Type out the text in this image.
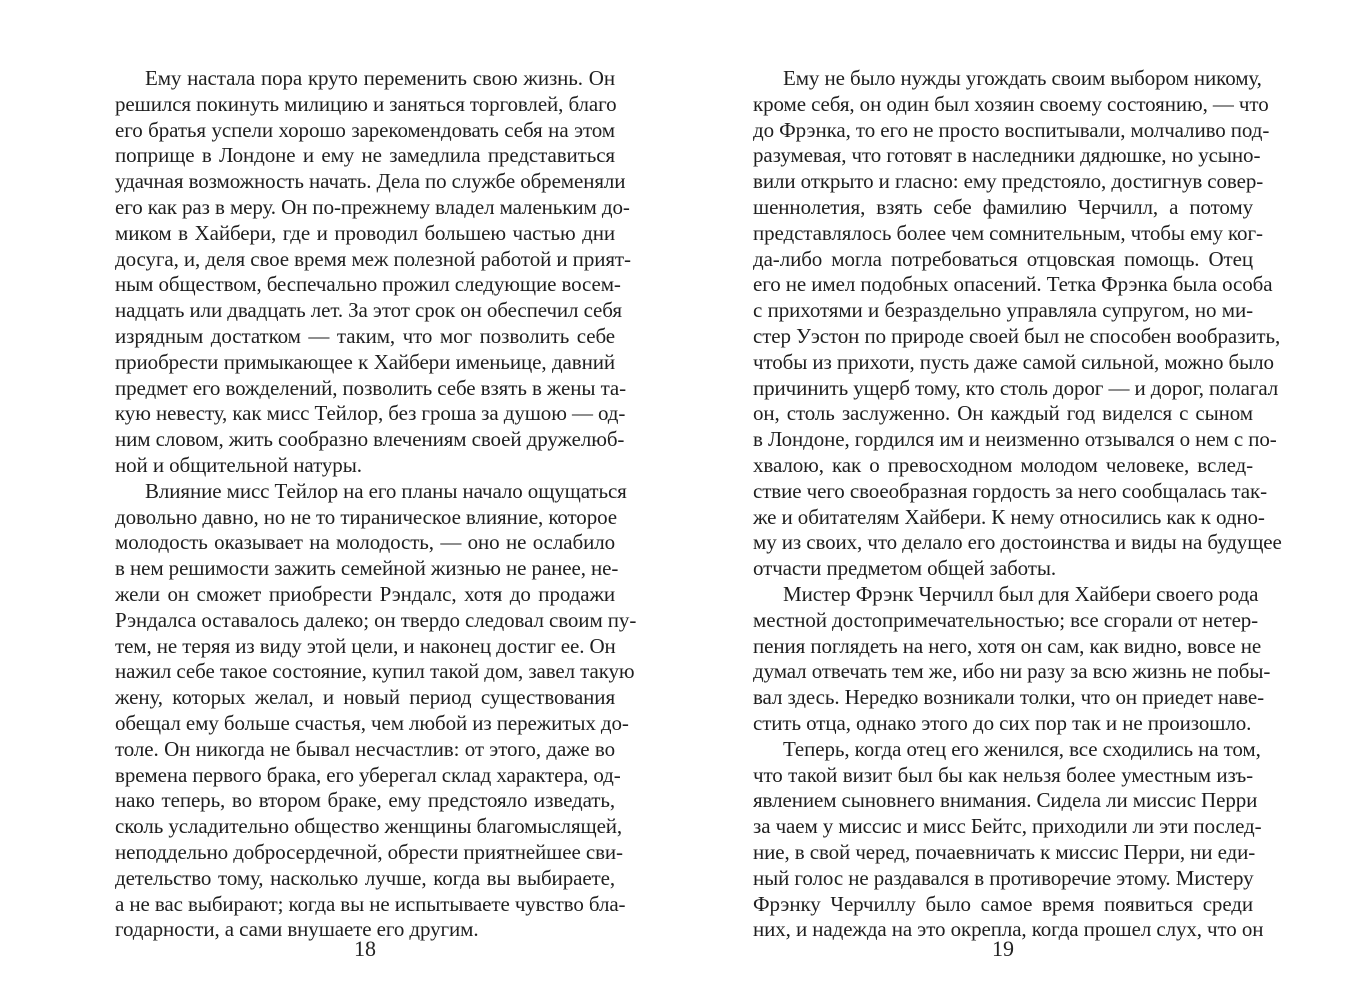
Ему настала пора круто переменить свою жизнь. Он
решился покинуть милицию и заняться торговлей, благо
его братья успели хорошо зарекомендовать себя на этом
поприще в Лондоне и ему не замедлила представиться
удачная возможность начать. Дела по службе обременяли
его как раз в меру. Он по-прежнему владел маленьким до-
миком в Хайбери, где и проводил большею частью дни
досуга, и, деля свое время меж полезной работой и прият-
ным обществом, беспечально прожил следующие восем-
надцать или двадцать лет. За этот срок он обеспечил себя
изрядным достатком — таким, что мог позволить себе
приобрести примыкающее к Хайбери именьице, давний
предмет его вожделений, позволить себе взять в жены та-
кую невесту, как мисс Тейлор, без гроша за душою — од-
ним словом, жить сообразно влечениям своей дружелюб-
ной и общительной натуры.
Влияние мисс Тейлор на его планы начало ощущаться
довольно давно, но не то тираническое влияние, которое
молодость оказывает на молодость, — оно не ослабило
в нем решимости зажить семейной жизнью не ранее, не-
жели он сможет приобрести Рэндалс, хотя до продажи
Рэндалса оставалось далеко; он твердо следовал своим пу-
тем, не теряя из виду этой цели, и наконец достиг ее. Он
нажил себе такое состояние, купил такой дом, завел такую
жену, которых желал, и новый период существования
обещал ему больше счастья, чем любой из пережитых до-
толе. Он никогда не бывал несчастлив: от этого, даже во
времена первого брака, его уберегал склад характера, од-
нако теперь, во втором браке, ему предстояло изведать,
сколь усладительно общество женщины благомыслящей,
неподдельно добросердечной, обрести приятнейшее сви-
детельство тому, насколько лучше, когда вы выбираете,
а не вас выбирают; когда вы не испытываете чувство бла-
годарности, а сами внушаете его другим.
18
Ему не было нужды угождать своим выбором никому,
кроме себя, он один был хозяин своему состоянию, — что
до Фрэнка, то его не просто воспитывали, молчаливо под-
разумевая, что готовят в наследники дядюшке, но усыно-
вили открыто и гласно: ему предстояло, достигнув совер-
шеннолетия, взять себе фамилию Черчилл, а потому
представлялось более чем сомнительным, чтобы ему ког-
да-либо могла потребоваться отцовская помощь. Отец
его не имел подобных опасений. Тетка Фрэнка была особа
с прихотями и безраздельно управляла супругом, но ми-
стер Уэстон по природе своей был не способен вообразить,
чтобы из прихоти, пусть даже самой сильной, можно было
причинить ущерб тому, кто столь дорог — и дорог, полагал
он, столь заслуженно. Он каждый год виделся с сыном
в Лондоне, гордился им и неизменно отзывался о нем с по-
хвалою, как о превосходном молодом человеке, вслед-
ствие чего своеобразная гордость за него сообщалась так-
же и обитателям Хайбери. К нему относились как к одно-
му из своих, что делало его достоинства и виды на будущее
отчасти предметом общей заботы.
Мистер Фрэнк Черчилл был для Хайбери своего рода
местной достопримечательностью; все сгорали от нетер-
пения поглядеть на него, хотя он сам, как видно, вовсе не
думал отвечать тем же, ибо ни разу за всю жизнь не побы-
вал здесь. Нередко возникали толки, что он приедет наве-
стить отца, однако этого до сих пор так и не произошло.
Теперь, когда отец его женился, все сходились на том,
что такой визит был бы как нельзя более уместным изъ-
явлением сыновнего внимания. Сидела ли миссис Перри
за чаем у миссис и мисс Бейтс, приходили ли эти послед-
ние, в свой черед, почаевничать к миссис Перри, ни еди-
ный голос не раздавался в противоречие этому. Мистеру
Фрэнку Черчиллу было самое время появиться среди
них, и надежда на это окрепла, когда прошел слух, что он
19
